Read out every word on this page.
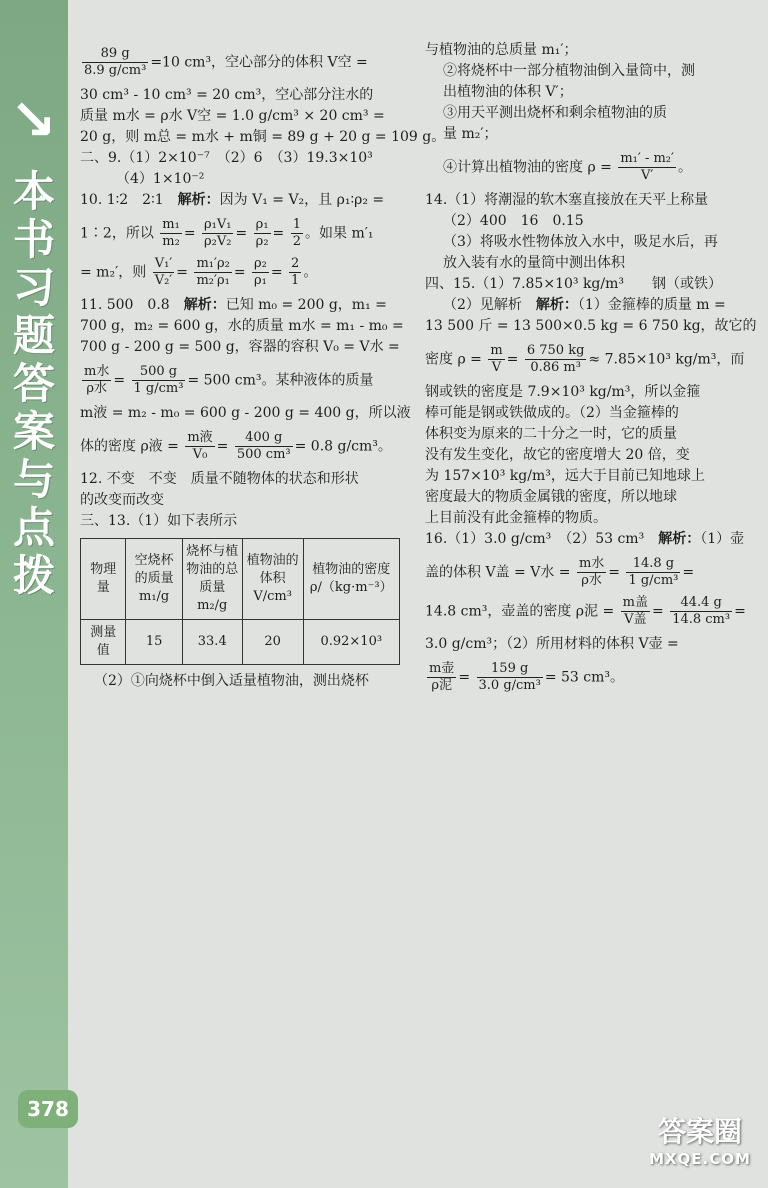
↘
本书习题答案与点拨
378

$\frac{89 g}{\text{8.9 g/cm³}} =10$ cm³，空心部分的体积 V空 =

30 cm³ - 10 cm³ = 20 cm³，空心部分注水的

质量 m水 = ρ水 V空 = 1.0 g/cm³ × 20 cm³ =

20 g，则 m总 = m水 + m铜 = 89 g + 20 g = 109 g。

二、9.（1）2×10⁻⁷　（2）6　（3）19.3×10³

（4）1×10⁻²

10. 1∶2　2∶1　解析：因为 V₁ = V₂，且 ρ₁∶ρ₂ =

1∶2，所以 $\frac{\text{m₁}}{\text{m₂}} = \frac{\text{ρ₁V₁}}{\text{ρ₂V₂}} = \frac{\text{ρ₁}}{\text{ρ₂}} = \frac{1}{2}$ 。如果 m′₁

= m₂′，则 $\frac{\text{V₁′}}{\text{V₂′}} = \frac{\text{m₁′ρ₂}}{\text{m₂′ρ₁}} = \frac{\text{ρ₂}}{\text{ρ₁}} = \frac{2}{1}$ 。

11. 500　0.8　解析：已知 m₀ = 200 g，m₁ =

700 g，m₂ = 600 g，水的质量 m水 = m₁ - m₀ =

700 g - 200 g = 500 g，容器的容积 V₀ = V水 =

$\frac{\text{m水}}{\text{ρ水}} = \frac{500 g}{\text{1 g/cm³}} = 500$ cm³。某种液体的质量

m液 = m₂ - m₀ = 600 g - 200 g = 400 g，所以液

体的密度 ρ液 = $\frac{\text{m液}}{\text{V₀}} = \frac{400 g}{\text{500 cm³}} = 0.8$ g/cm³。

12. 不变　不变　质量不随物体的状态和形状

的改变而改变

三、13.（1）如下表所示

物理量	空烧杯的质量 m₁/g	烧杯与植物油的总质量 m₂/g	植物油的体积 V/cm³	植物油的密度 ρ/（kg·m⁻³）
测量值	15	33.4	20	0.92×10³

（2）①向烧杯中倒入适量植物油，测出烧杯

与植物油的总质量 m₁′；

②将烧杯中一部分植物油倒入量筒中，测

出植物油的体积 V′；

③用天平测出烧杯和剩余植物油的质

量 m₂′；

④计算出植物油的密度 $\rho = \frac{\text{m₁′ - m₂′}}{V'}$ 。

14.（1）将潮湿的软木塞直接放在天平上称量

（2）400　16　0.15

（3）将吸水性物体放入水中，吸足水后，再

放入装有水的量筒中测出体积

四、15.（1）7.85×10³ kg/m³　　钢（或铁）

（2）见解析　解析：（1）金箍棒的质量 m =

13 500 斤 = 13 500×0.5 kg = 6 750 kg，故它的

密度 $\rho = \frac{m}{V} = \frac{6 750 kg}{\text{0.86 m³}} \approx 7.85\times 10^3$ kg/m³，而

钢或铁的密度是 7.9×10³ kg/m³，所以金箍

棒可能是钢或铁做成的。（2）当金箍棒的

体积变为原来的二十分之一时，它的质量

没有发生变化，故它的密度增大 20 倍，变

为 157×10³ kg/m³，远大于目前已知地球上

密度最大的物质金属锇的密度，所以地球

上目前没有此金箍棒的物质。

16.（1）3.0 g/cm³　（2）53 cm³　解析：（1）壶

盖的体积 V盖 = V水 = $\frac{\text{m水}}{\text{ρ水}} = \frac{14.8 g}{\text{1 g/cm³}}$ =

14.8 cm³，壶盖的密度 ρ泥 = $\frac{\text{m盖}}{\text{V盖}} = \frac{44.4 g}{\text{14.8 cm³}}$ =

3.0 g/cm³；（2）所用材料的体积 V壶 =

$\frac{\text{m壶}}{\text{ρ泥}} = \frac{159 g}{\text{3.0 g/cm³}} = 53$ cm³。

答案圈
MXQE.COM
